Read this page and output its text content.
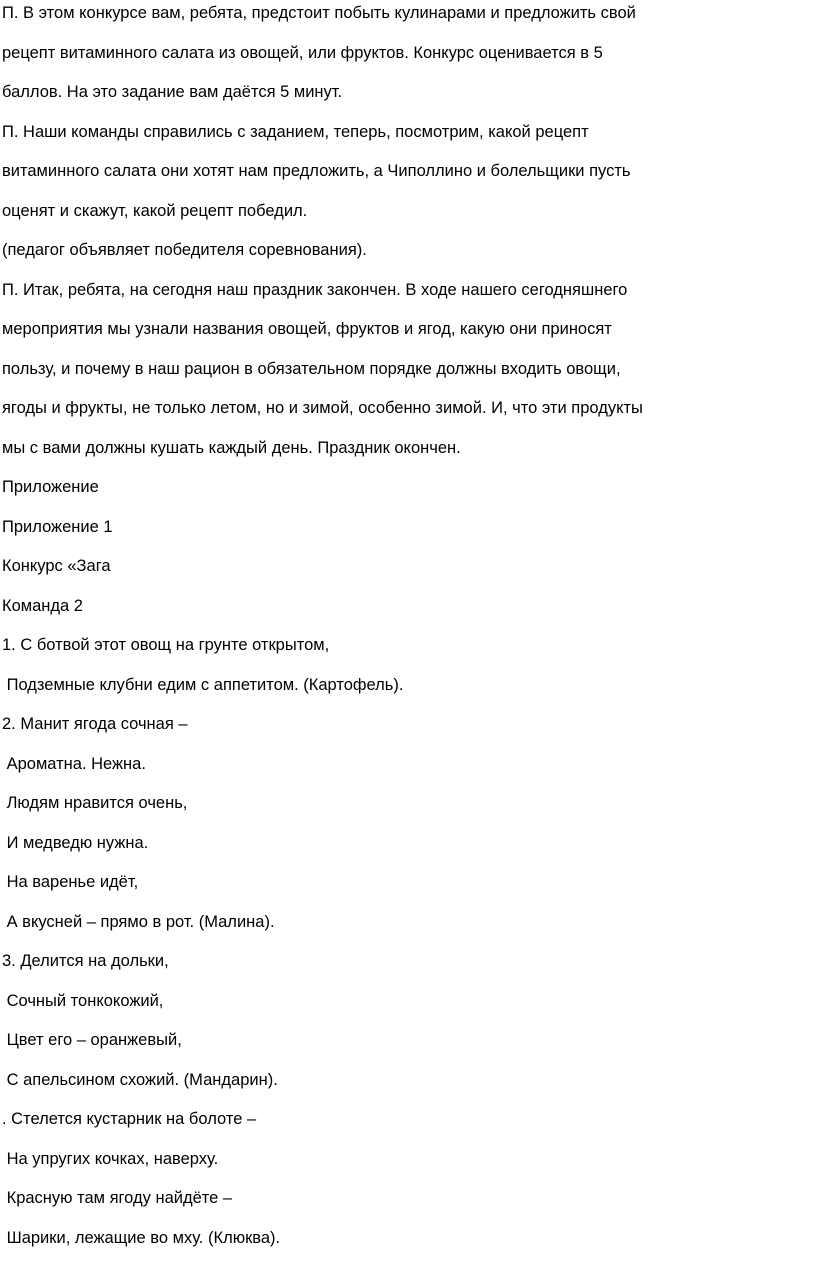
П. В этом конкурсе вам, ребята, предстоит побыть кулинарами и предложить свой
рецепт витаминного салата из овощей, или фруктов. Конкурс оценивается в 5
баллов. На это задание вам даётся 5 минут.
П. Наши команды справились с заданием, теперь, посмотрим, какой рецепт
витаминного салата они хотят нам предложить, а Чиполлино и болельщики пусть
оценят и скажут, какой рецепт победил.
(педагог объявляет победителя соревнования).
П. Итак, ребята, на сегодня наш праздник закончен. В ходе нашего сегодняшнего
мероприятия мы узнали названия овощей, фруктов и ягод, какую они приносят
пользу, и почему в наш рацион в обязательном порядке должны входить овощи,
ягоды и фрукты, не только летом, но и зимой, особенно зимой. И, что эти продукты
мы с вами должны кушать каждый день. Праздник окончен.
Приложение
Приложение 1
Конкурс «Зага
Команда 2
1. С ботвой этот овощ на грунте открытом,
Подземные клубни едим с аппетитом. (Картофель).
2. Манит ягода сочная –
Ароматна. Нежна.
Людям нравится очень,
И медведю нужна.
На варенье идёт,
А вкусней – прямо в рот. (Малина).
3. Делится на дольки,
Сочный тонкокожий,
Цвет его – оранжевый,
С апельсином схожий. (Мандарин).
. Стелется кустарник на болоте –
На упругих кочках, наверху.
Красную там ягоду найдёте –
Шарики, лежащие во мху. (Клюква).
